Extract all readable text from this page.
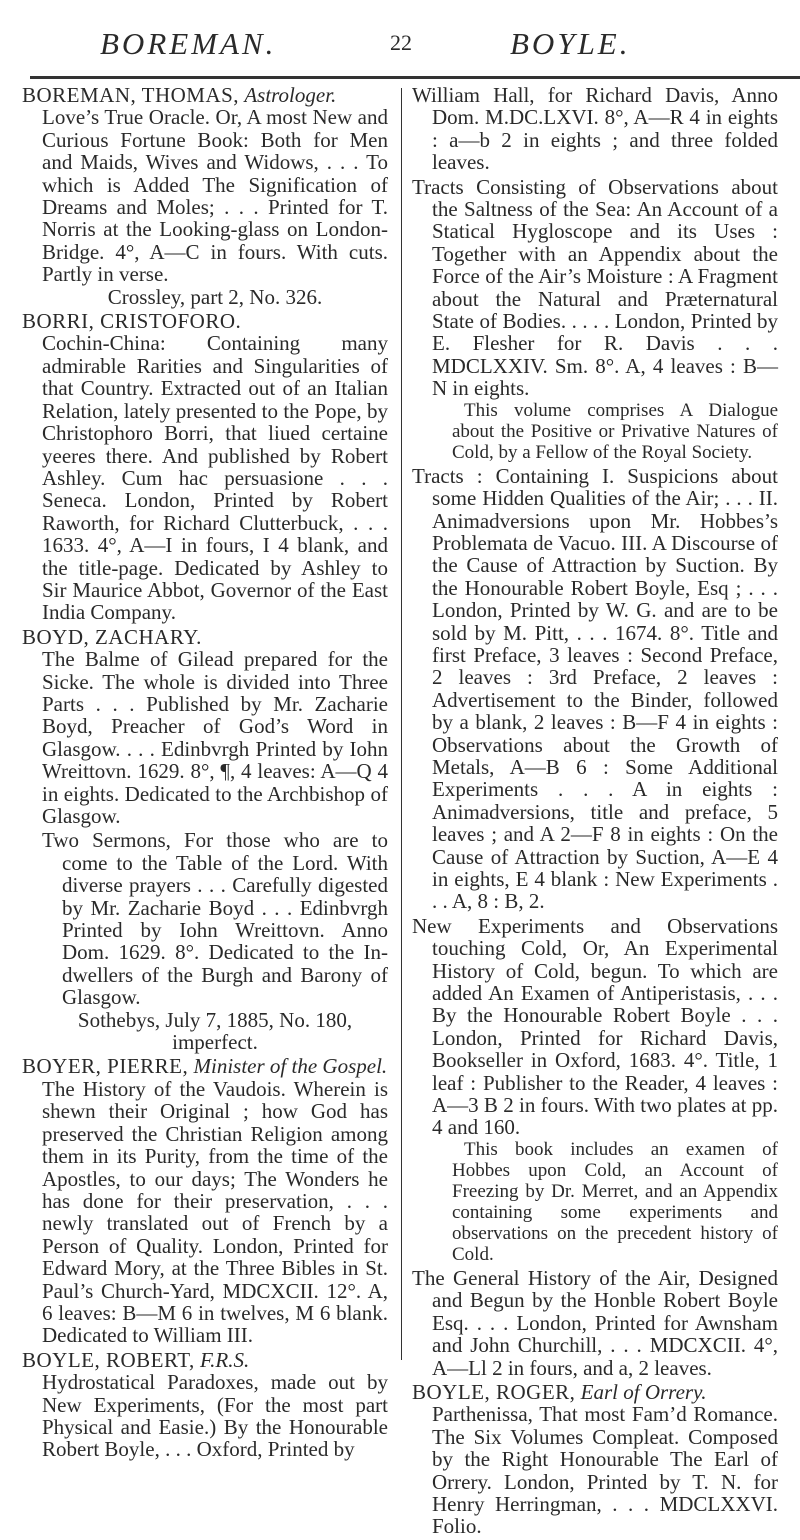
BOREMAN.	22	BOYLE.

BOREMAN, THOMAS, Astrologer.

Love’s True Oracle. Or, A most New and Curious Fortune Book: Both for Men and Maids, Wives and Widows, . . . To which is Added The Signification of Dreams and Moles; . . . Printed for T. Norris at the Looking-glass on London-Bridge. 4°, A—C in fours. With cuts. Partly in verse.

Crossley, part 2, No. 326.

BORRI, CRISTOFORO.

Cochin-China: Containing many admirable Rarities and Singularities of that Country. Extracted out of an Italian Relation, lately presented to the Pope, by Christophoro Borri, that liued certaine yeeres there. And published by Robert Ashley. Cum hac persuasione . . . Seneca. London, Printed by Robert Raworth, for Richard Clutterbuck, . . . 1633. 4°, A—I in fours, I 4 blank, and the title-page. Dedicated by Ashley to Sir Maurice Abbot, Governor of the East India Company.

BOYD, ZACHARY.

The Balme of Gilead prepared for the Sicke. The whole is divided into Three Parts . . . Published by Mr. Zacharie Boyd, Preacher of God’s Word in Glasgow. . . . Edinbvrgh Printed by Iohn Wreittovn. 1629. 8°, ¶, 4 leaves: A—Q 4 in eights. Dedicated to the Archbishop of Glasgow.

Two Sermons, For those who are to come to the Table of the Lord. With diverse prayers . . . Carefully digested by Mr. Zacharie Boyd . . . Edinbvrgh Printed by Iohn Wreittovn. Anno Dom. 1629. 8°. Dedicated to the In-dwellers of the Burgh and Barony of Glasgow.

Sothebys, July 7, 1885, No. 180, imperfect.

BOYER, PIERRE, Minister of the Gospel.

The History of the Vaudois. Wherein is shewn their Original ; how God has preserved the Christian Religion among them in its Purity, from the time of the Apostles, to our days; The Wonders he has done for their preservation, . . . newly translated out of French by a Person of Quality. London, Printed for Edward Mory, at the Three Bibles in St. Paul’s Church-Yard, MDCXCII. 12°. A, 6 leaves: B—M 6 in twelves, M 6 blank. Dedicated to William III.

BOYLE, ROBERT, F.R.S.

Hydrostatical Paradoxes, made out by New Experiments, (For the most part Physical and Easie.) By the Honourable Robert Boyle, . . . Oxford, Printed by

William Hall, for Richard Davis, Anno Dom. M.DC.LXVI. 8°, A—R 4 in eights : a—b 2 in eights ; and three folded leaves.

Tracts Consisting of Observations about the Saltness of the Sea: An Account of a Statical Hygloscope and its Uses : Together with an Appendix about the Force of the Air’s Moisture : A Fragment about the Natural and Præternatural State of Bodies. . . . . London, Printed by E. Flesher for R. Davis . . . MDCLXXIV. Sm. 8°. A, 4 leaves : B—N in eights.

This volume comprises A Dialogue about the Positive or Privative Natures of Cold, by a Fellow of the Royal Society.

Tracts : Containing I. Suspicions about some Hidden Qualities of the Air; . . . II. Animadversions upon Mr. Hobbes’s Problemata de Vacuo. III. A Discourse of the Cause of Attraction by Suction. By the Honourable Robert Boyle, Esq ; . . . London, Printed by W. G. and are to be sold by M. Pitt, . . . 1674. 8°. Title and first Preface, 3 leaves : Second Preface, 2 leaves : 3rd Preface, 2 leaves : Advertisement to the Binder, followed by a blank, 2 leaves : B—F 4 in eights : Observations about the Growth of Metals, A—B 6 : Some Additional Experiments . . . A in eights : Animadversions, title and preface, 5 leaves ; and A 2—F 8 in eights : On the Cause of Attraction by Suction, A—E 4 in eights, E 4 blank : New Experiments . . . A, 8 : B, 2.

New Experiments and Observations touching Cold, Or, An Experimental History of Cold, begun. To which are added An Examen of Antiperistasis, . . . By the Honourable Robert Boyle . . . London, Printed for Richard Davis, Bookseller in Oxford, 1683. 4°. Title, 1 leaf : Publisher to the Reader, 4 leaves : A—3 B 2 in fours. With two plates at pp. 4 and 160.

This book includes an examen of Hobbes upon Cold, an Account of Freezing by Dr. Merret, and an Appendix containing some experiments and observations on the precedent history of Cold.

The General History of the Air, Designed and Begun by the Honble Robert Boyle Esq. . . . London, Printed for Awnsham and John Churchill, . . . MDCXCII. 4°, A—Ll 2 in fours, and a, 2 leaves.

BOYLE, ROGER, Earl of Orrery.

Parthenissa, That most Fam’d Romance. The Six Volumes Compleat. Composed by the Right Honourable The Earl of Orrery. London, Printed by T. N. for Henry Herringman, . . . MDCLXXVI. Folio.
